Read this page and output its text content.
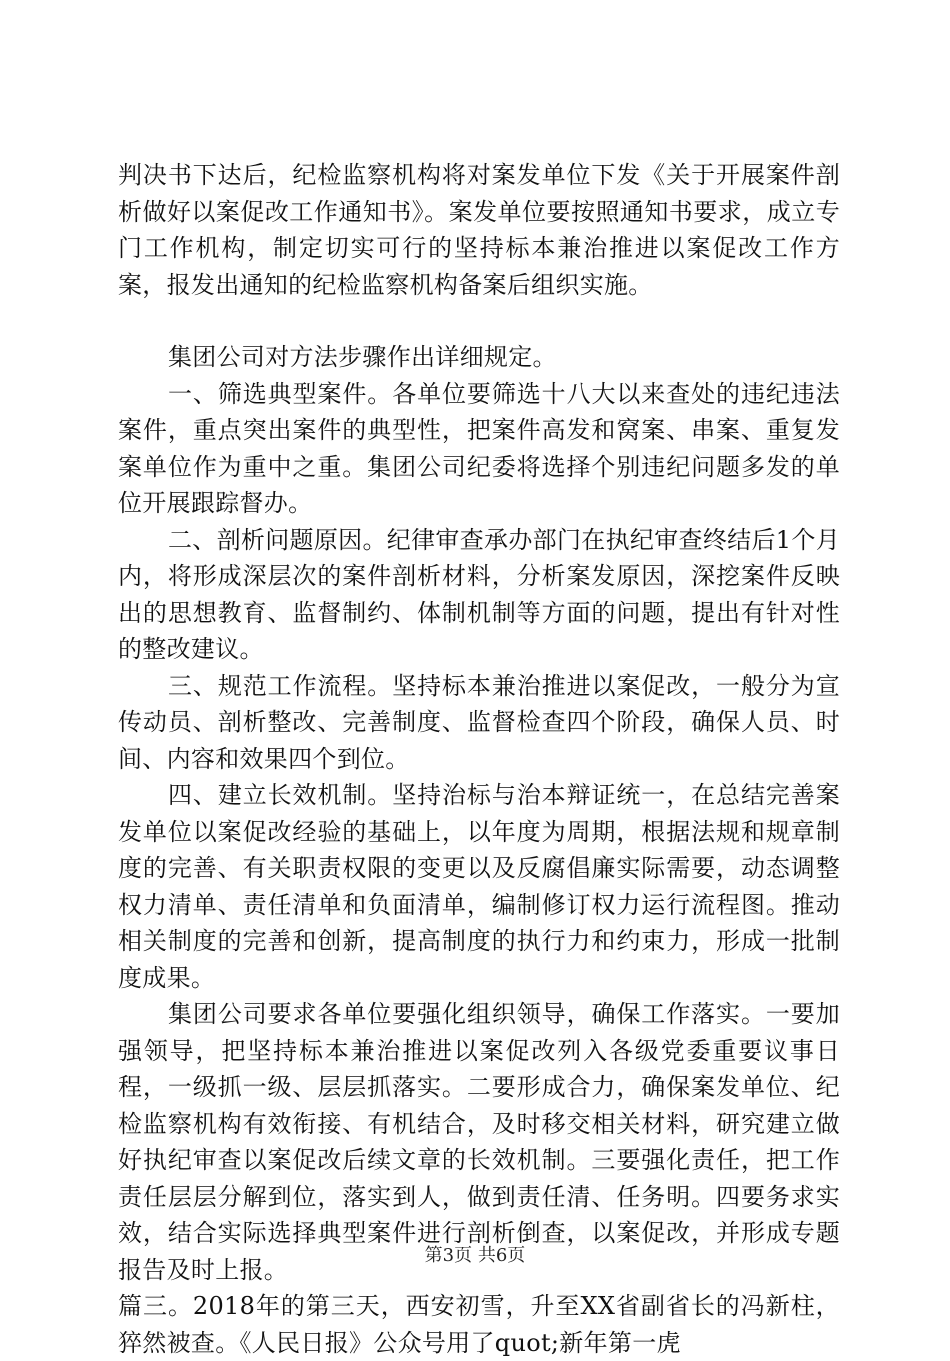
判决书下达后，纪检监察机构将对案发单位下发《关于开展案件剖析做好以案促改工作通知书》。案发单位要按照通知书要求，成立专门工作机构，制定切实可行的坚持标本兼治推进以案促改工作方案，报发出通知的纪检监察机构备案后组织实施。

集团公司对方法步骤作出详细规定。

一、筛选典型案件。各单位要筛选十八大以来查处的违纪违法案件，重点突出案件的典型性，把案件高发和窝案、串案、重复发案单位作为重中之重。集团公司纪委将选择个别违纪问题多发的单位开展跟踪督办。

二、剖析问题原因。纪律审查承办部门在执纪审查终结后1个月内，将形成深层次的案件剖析材料，分析案发原因，深挖案件反映出的思想教育、监督制约、体制机制等方面的问题，提出有针对性的整改建议。

三、规范工作流程。坚持标本兼治推进以案促改，一般分为宣传动员、剖析整改、完善制度、监督检查四个阶段，确保人员、时间、内容和效果四个到位。

四、建立长效机制。坚持治标与治本辩证统一，在总结完善案发单位以案促改经验的基础上，以年度为周期，根据法规和规章制度的完善、有关职责权限的变更以及反腐倡廉实际需要，动态调整权力清单、责任清单和负面清单，编制修订权力运行流程图。推动相关制度的完善和创新，提高制度的执行力和约束力，形成一批制度成果。

集团公司要求各单位要强化组织领导，确保工作落实。一要加强领导，把坚持标本兼治推进以案促改列入各级党委重要议事日程，一级抓一级、层层抓落实。二要形成合力，确保案发单位、纪检监察机构有效衔接、有机结合，及时移交相关材料，研究建立做好执纪审查以案促改后续文章的长效机制。三要强化责任，把工作责任层层分解到位，落实到人，做到责任清、任务明。四要务求实效，结合实际选择典型案件进行剖析倒查，以案促改，并形成专题报告及时上报。

篇三。2018年的第三天，西安初雪，升至XX省副省长的冯新柱，猝然被查。《人民日报》公众号用了quot;新年第一虎

第3页 共6页
